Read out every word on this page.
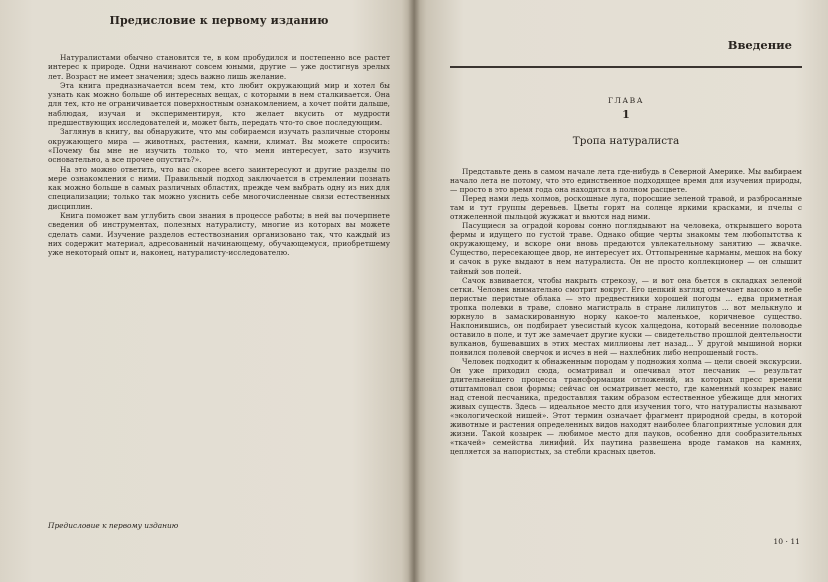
Предисловие к первому изданию

Натуралистами обычно становятся те, в ком пробудился и постепенно все растет интерес к природе. Одни начинают совсем юными, другие — уже достигнув зрелых лет. Возраст не имеет значения; здесь важно лишь желание.

Эта книга предназначается всем тем, кто любит окружающий мир и хотел бы узнать как можно больше об интересных вещах, с которыми в нем сталкивается. Она для тех, кто не ограничивается поверхностным ознакомлением, а хочет пойти дальше, наблюдая, изучая и экспериментируя, кто желает вкусить от мудрости предшествующих исследователей и, может быть, передать что-то свое последующим.

Заглянув в книгу, вы обнаружите, что мы собираемся изучать различные стороны окружающего мира — животных, растения, камни, климат. Вы можете спросить: «Почему бы мне не изучить только то, что меня интересует, зато изучить основательно, а все прочее опустить?».

На это можно ответить, что вас скорее всего заинтересуют и другие разделы по мере ознакомления с ними. Правильный подход заключается в стремлении познать как можно больше в самых различных областях, прежде чем выбрать одну из них для специализации; только так можно уяснить себе многочисленные связи естественных дисциплин.

Книга поможет вам углубить свои знания в процессе работы; в ней вы почерпнете сведения об инструментах, полезных натуралисту, многие из которых вы можете сделать сами. Изучение разделов естествознания организовано так, что каждый из них содержит материал, адресованный начинающему, обучающемуся, приобретшему уже некоторый опыт и, наконец, натуралисту-исследователю.

Предисловие к первому изданию
Введение
ГЛАВА
1
Тропа натуралиста

Представьте день в самом начале лета где-нибудь в Северной Америке. Мы выбираем начало лета не потому, что это единственное подходящее время для изучения природы, — просто в это время года она находится в полном расцвете.

Перед нами ледь холмов, роскошные луга, поросшие зеленой травой, и разбросанные там и тут группы деревьев. Цветы горят на солнце яркими красками, и пчелы с отяжеленной пыльцой жужжат и вьются над ними.

Пасущиеся за оградой коровы сонно поглядывают на человека, открывшего ворота фермы и идущего по густой траве. Однако общие черты знакомы тем любопытства к окружающему, и вскоре они вновь предаются увлекательному занятию — жвачке. Существо, пересекающее двор, не интересует их. Оттопыренные карманы, мешок на боку и сачок в руке выдают в нем натуралиста. Он не просто коллекционер — он слышит тайный зов полей.

Сачок взвивается, чтобы накрыть стрекозу, — и вот она бьется в складках зеленой сетки. Человек внимательно смотрит вокруг. Его цепкий взгляд отмечает высоко в небе перистые перистые облака — это предвестники хорошей погоды ... едва приметная тропка полевки в траве, словно магистраль в стране лилипутов ... вот мелькнуло и юркнуло в замаскированную норку какое-то маленькое, коричневое существо. Наклонившись, он подбирает увесистый кусок халцедона, который весенние половодье оставило в поле, и тут же замечает другие куски — свидетельство прошлой деятельности вулканов, бушевавших в этих местах миллионы лет назад... У другой мышиной норки появился полевой сверчок и исчез в ней — нахлебник либо непрошеный гость.

Человек подходит к обнаженным породам у подножия холма — цели своей экскурсии. Он уже приходил сюда, осматривал и опечивал этот песчаник — результат длительнейшего процесса трансформации отложений, из которых пресс времени отштамповал свои формы; сейчас он осматривает место, где каменный козырек навис над стеной песчаника, предоставляя таким образом естественное убежище для многих живых существ. Здесь — идеальное место для изучения того, что натуралисты называют «экологической нишей». Этот термин означает фрагмент природной среды, в которой животные и растения определенных видов находят наиболее благоприятные условия для жизни. Такой козырек — любимое место для пауков, особенно для сообразительных «ткачей» семейства линифий. Их паутина развешена вроде гамаков на камнях, цепляется за напористых, за стебли красных цветов.

10 · 11
